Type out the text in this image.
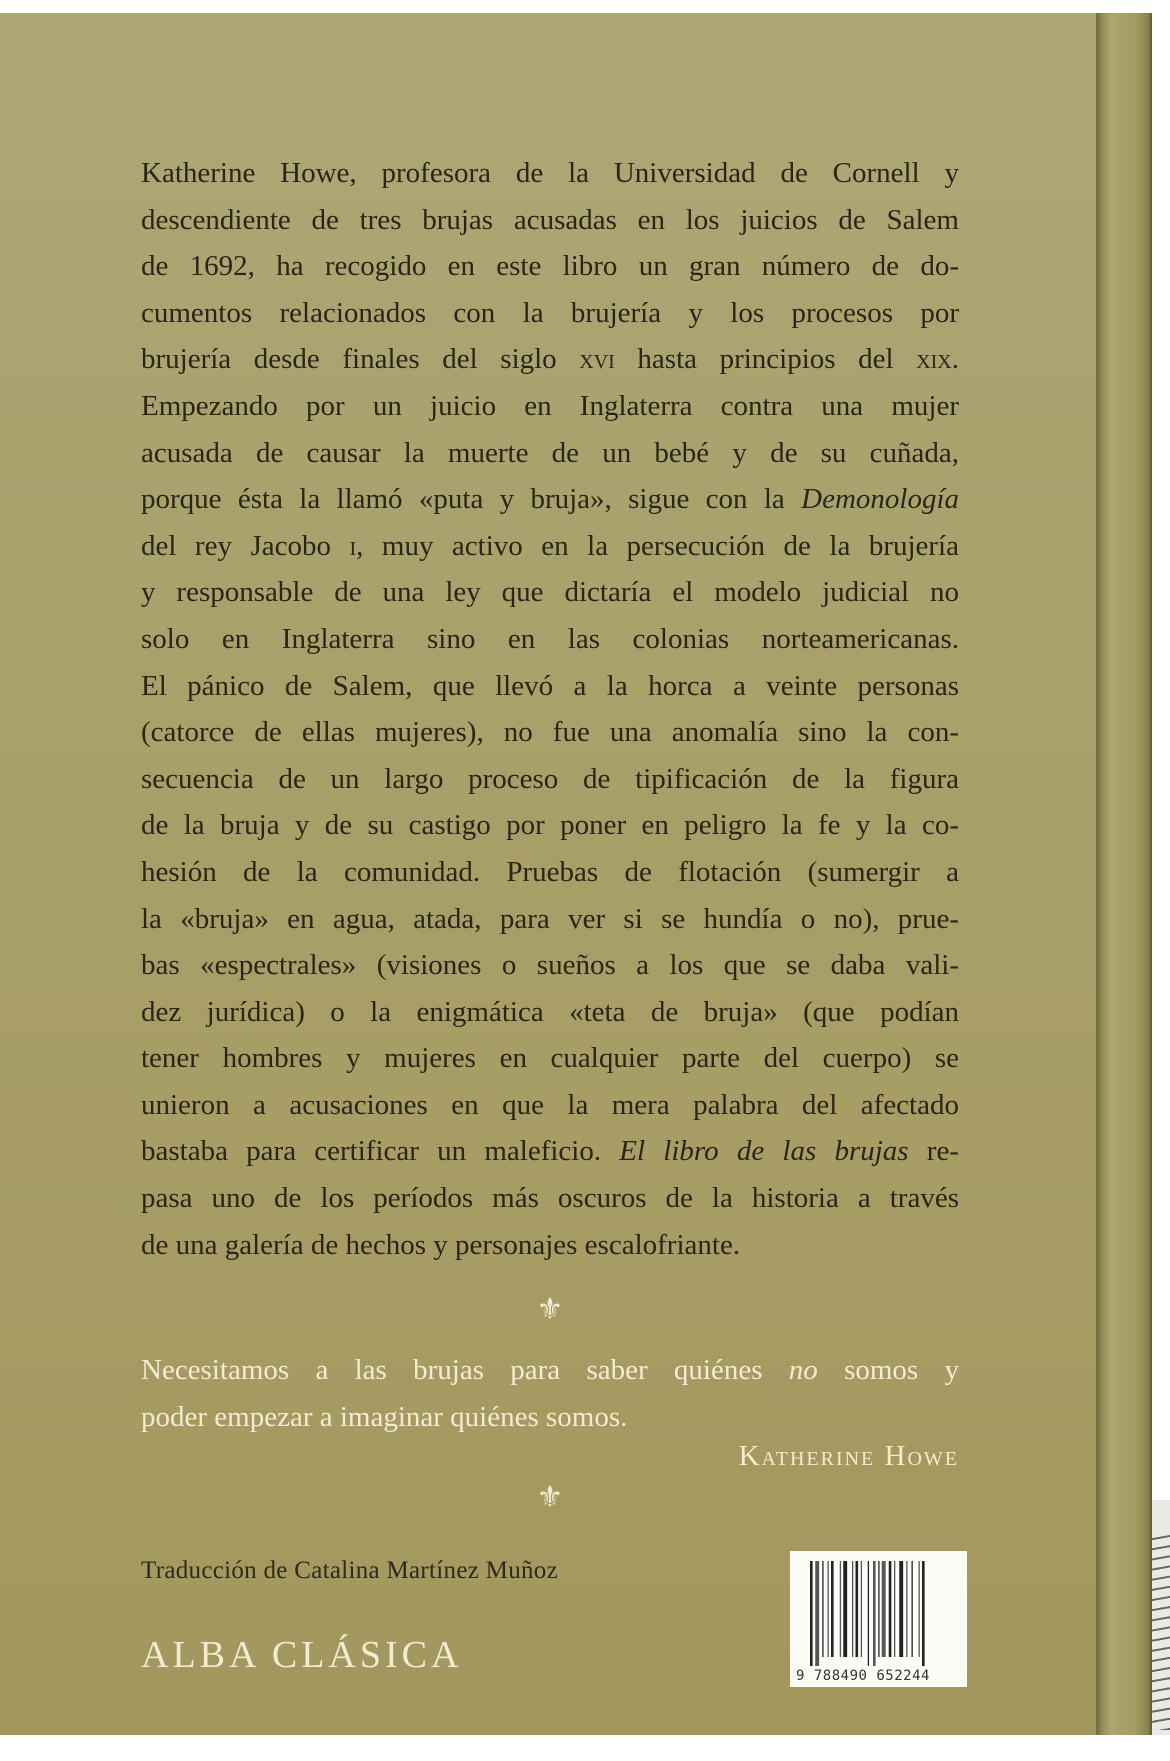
Katherine Howe, profesora de la Universidad de Cornell y
descendiente de tres brujas acusadas en los juicios de Salem
de 1692, ha recogido en este libro un gran número de do-
cumentos relacionados con la brujería y los procesos por
brujería desde finales del siglo xvi hasta principios del xix.
Empezando por un juicio en Inglaterra contra una mujer
acusada de causar la muerte de un bebé y de su cuñada,
porque ésta la llamó «puta y bruja», sigue con la Demonología
del rey Jacobo i, muy activo en la persecución de la brujería
y responsable de una ley que dictaría el modelo judicial no
solo en Inglaterra sino en las colonias norteamericanas.
El pánico de Salem, que llevó a la horca a veinte personas
(catorce de ellas mujeres), no fue una anomalía sino la con-
secuencia de un largo proceso de tipificación de la figura
de la bruja y de su castigo por poner en peligro la fe y la co-
hesión de la comunidad. Pruebas de flotación (sumergir a
la «bruja» en agua, atada, para ver si se hundía o no), prue-
bas «espectrales» (visiones o sueños a los que se daba vali-
dez jurídica) o la enigmática «teta de bruja» (que podían
tener hombres y mujeres en cualquier parte del cuerpo) se
unieron a acusaciones en que la mera palabra del afectado
bastaba para certificar un maleficio. El libro de las brujas re-
pasa uno de los períodos más oscuros de la historia a través
de una galería de hechos y personajes escalofriante.
⚜
Necesitamos a las brujas para saber quiénes no somos y
poder empezar a imaginar quiénes somos.
Katherine Howe
⚜
Traducción de Catalina Martínez Muñoz
ALBA CLÁSICA	9 788490 652244
